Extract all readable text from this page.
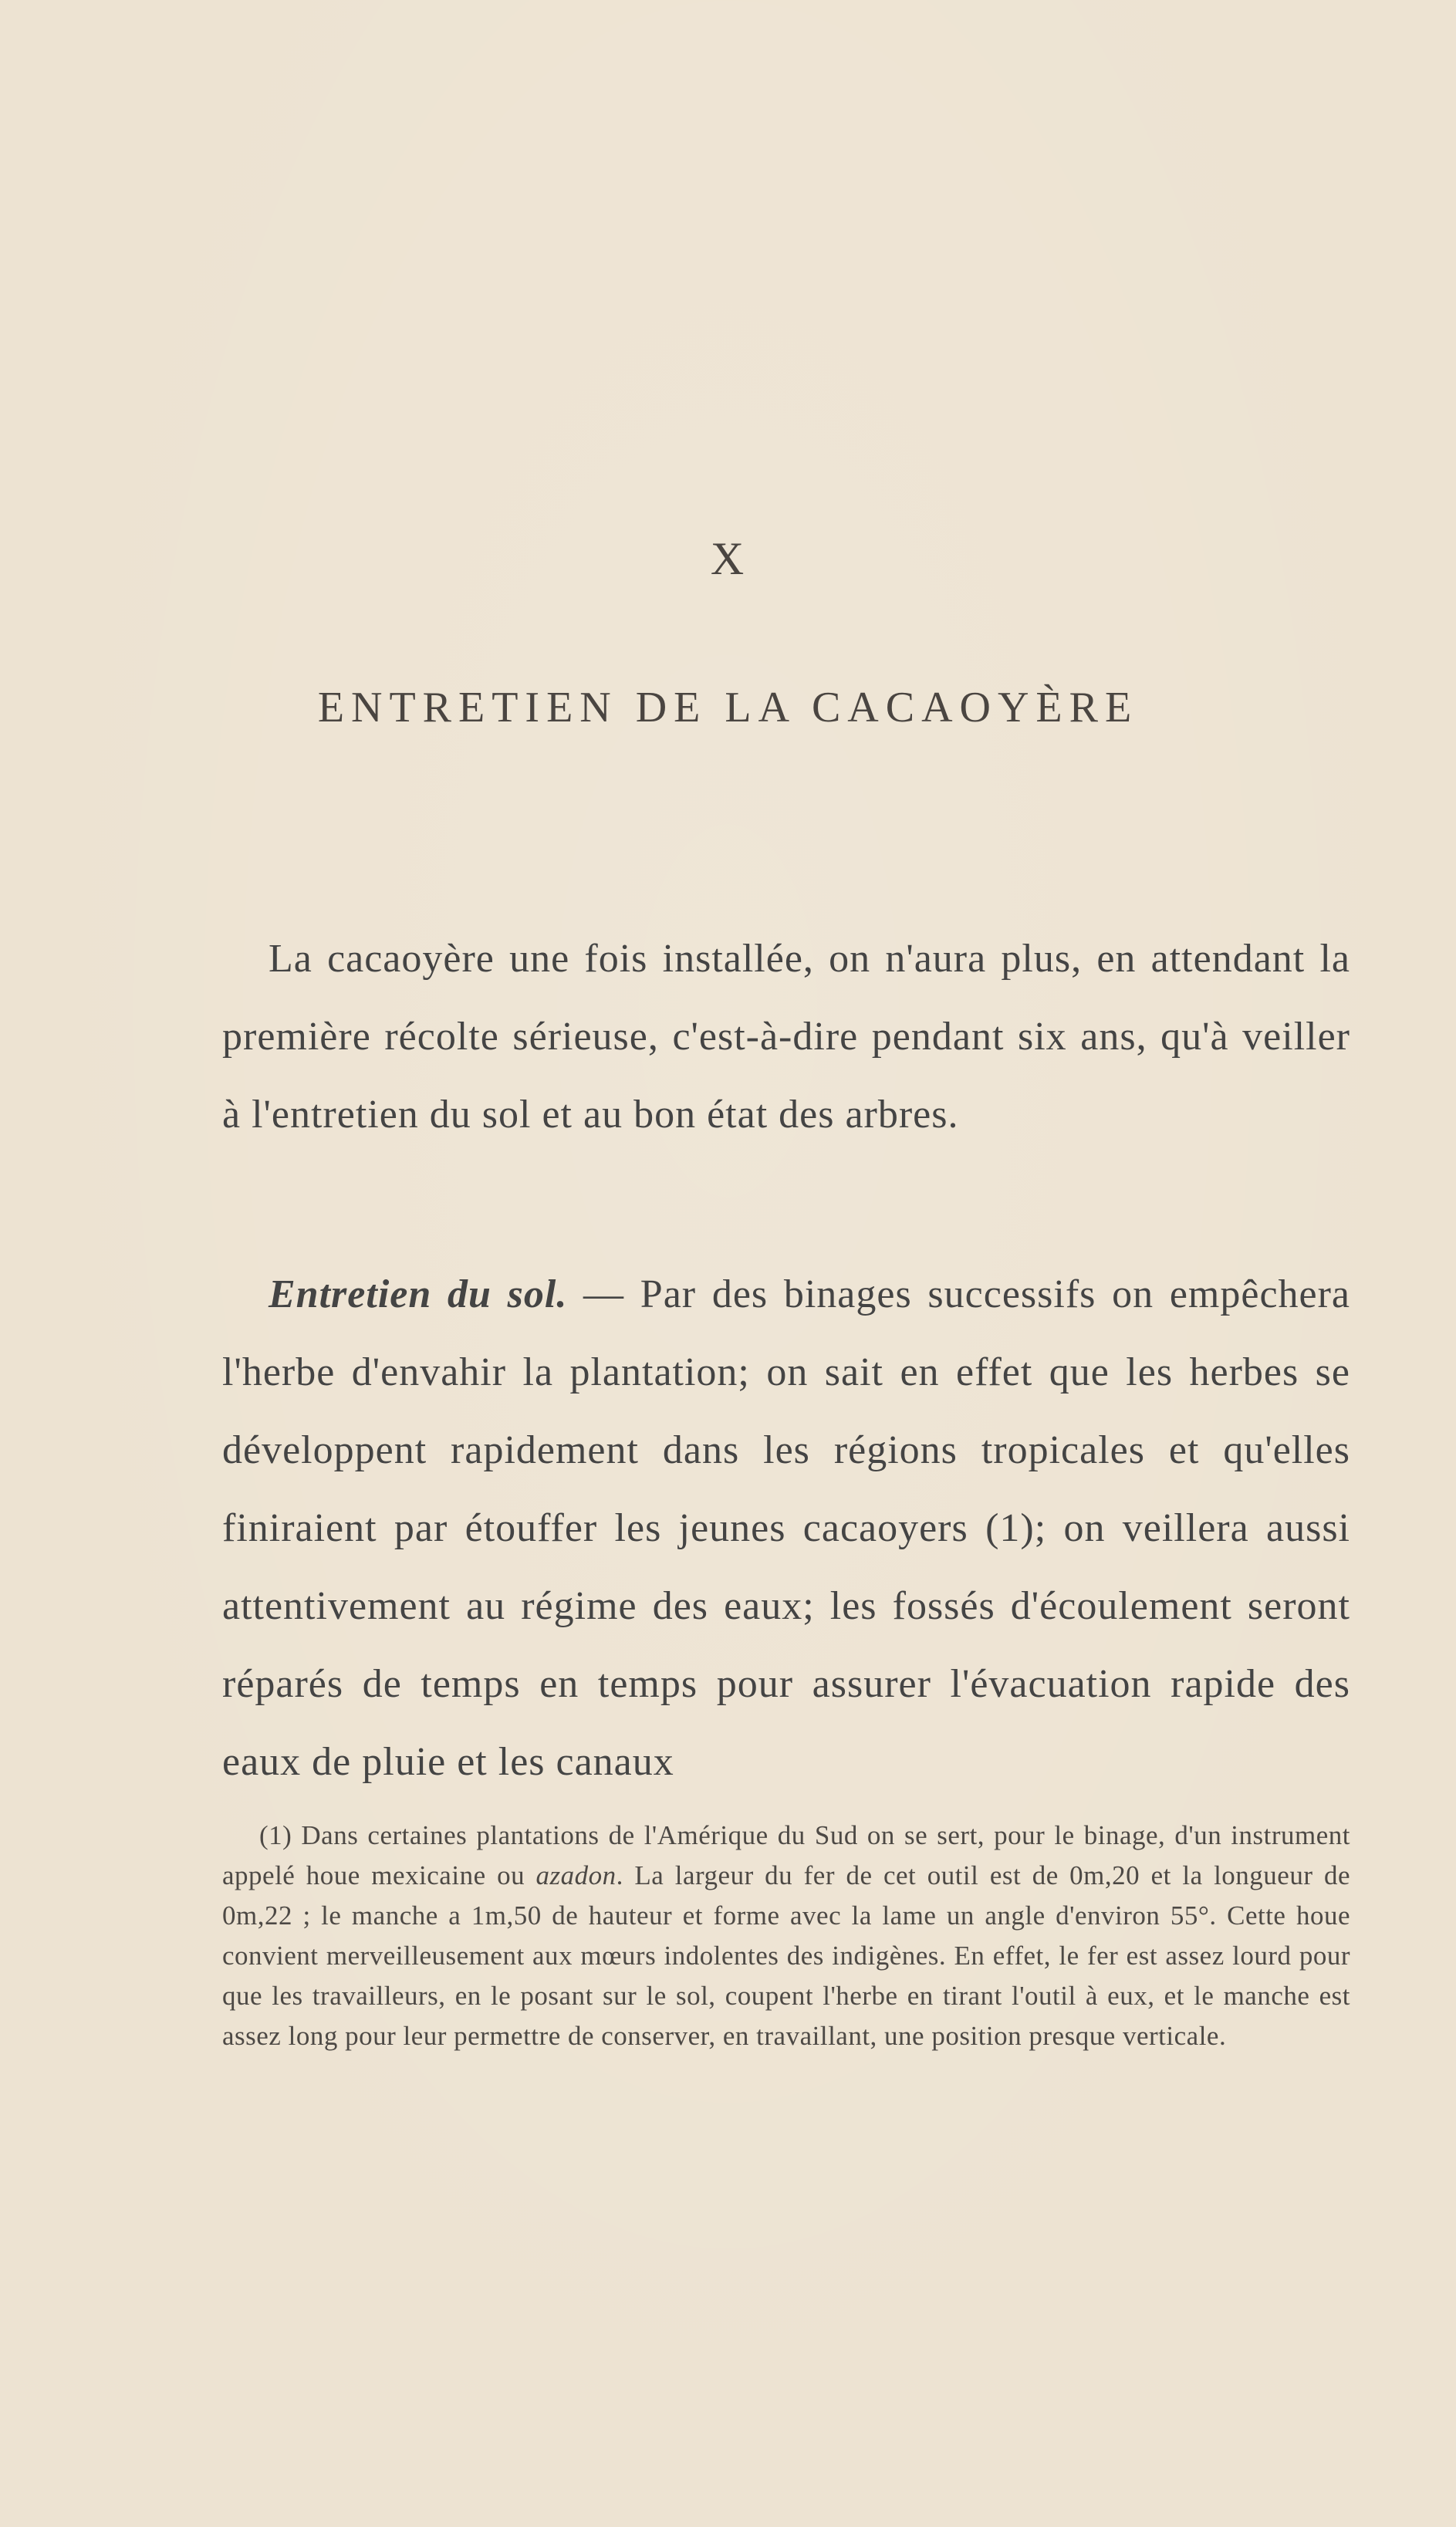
X
ENTRETIEN DE LA CACAOYÈRE

La cacaoyère une fois installée, on n'aura plus, en attendant la première récolte sérieuse, c'est-à-dire pendant six ans, qu'à veiller à l'entretien du sol et au bon état des arbres.

Entretien du sol. — Par des binages successifs on empêchera l'herbe d'envahir la plantation; on sait en effet que les herbes se développent rapidement dans les régions tropicales et qu'elles finiraient par étouffer les jeunes cacaoyers (1); on veillera aussi attentivement au régime des eaux; les fossés d'écoulement seront réparés de temps en temps pour assurer l'évacuation rapide des eaux de pluie et les canaux

(1) Dans certaines plantations de l'Amérique du Sud on se sert, pour le binage, d'un instrument appelé houe mexicaine ou azadon. La largeur du fer de cet outil est de 0m,20 et la longueur de 0m,22 ; le manche a 1m,50 de hauteur et forme avec la lame un angle d'environ 55°. Cette houe convient merveilleusement aux mœurs indolentes des indigènes. En effet, le fer est assez lourd pour que les travailleurs, en le posant sur le sol, coupent l'herbe en tirant l'outil à eux, et le manche est assez long pour leur permettre de conserver, en travaillant, une position presque verticale.
